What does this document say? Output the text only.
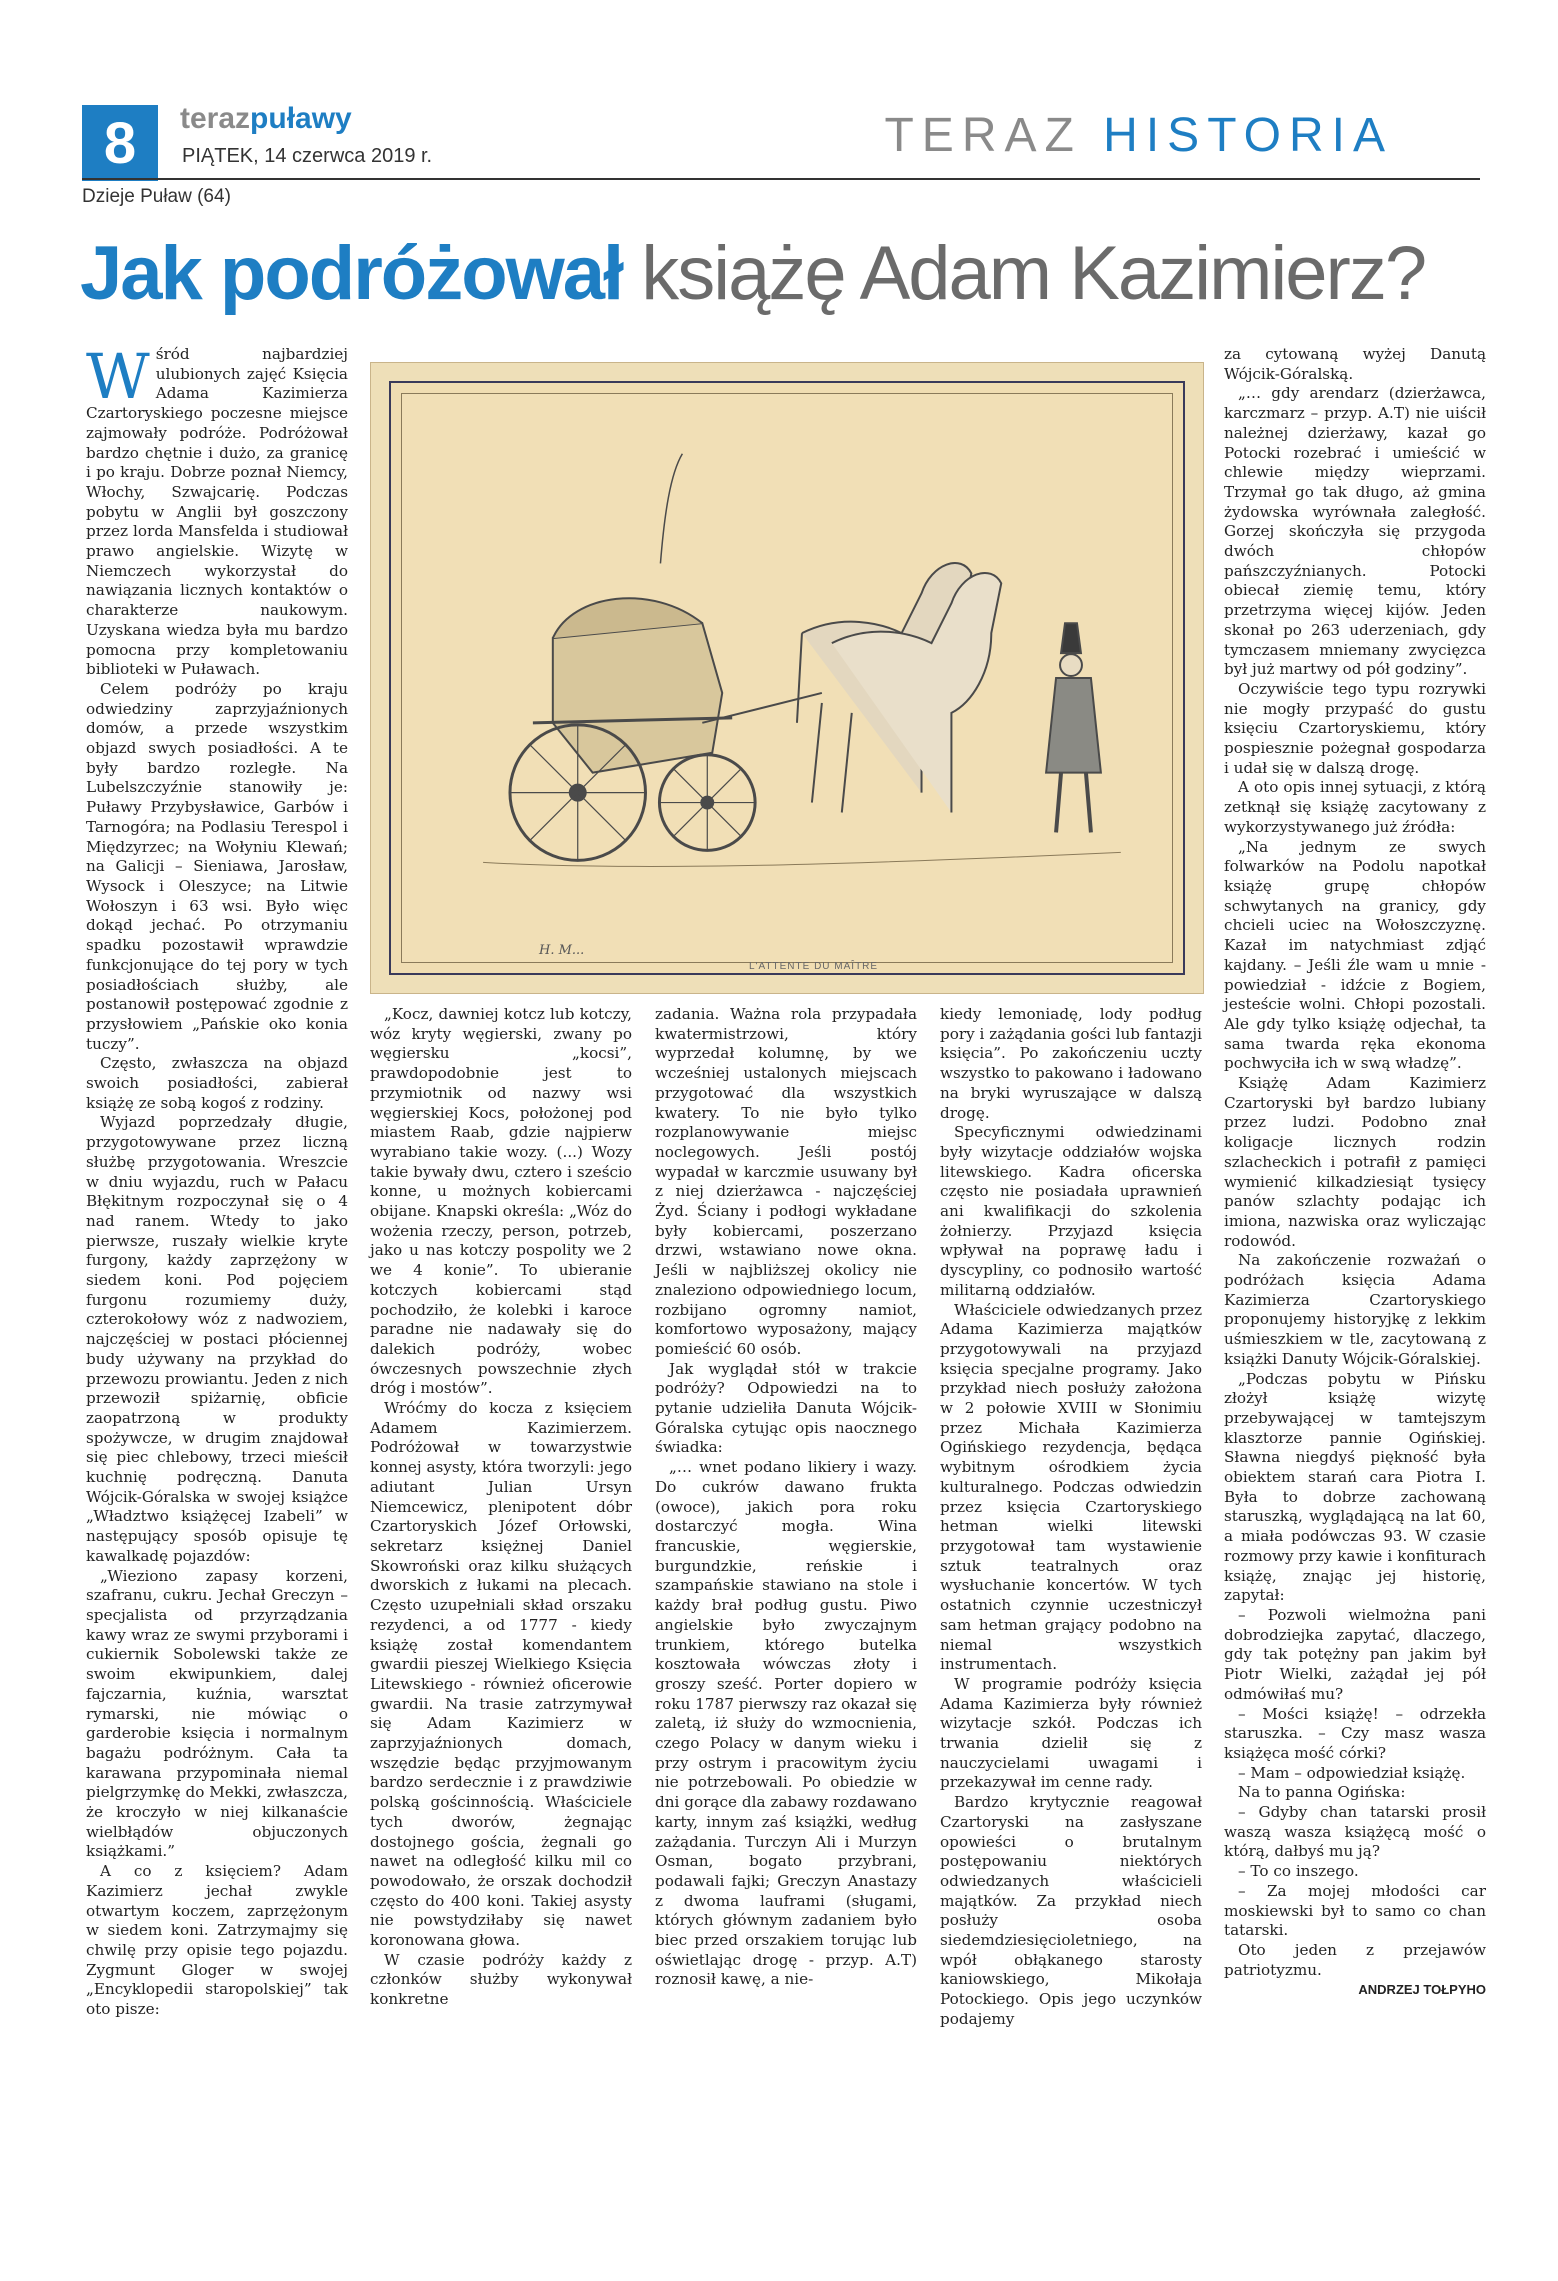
8	terazpuławy
PIĄTEK, 14 czerwca 2019 r.	TERAZ HISTORIA
Dzieje Puław (64)
Jak podróżował książę Adam Kazimierz?
H. M...
L'ATTENTE DU MAÎTRE

Wśród najbardziej ulubionych zajęć Księcia Adama Kazimierza Czartoryskiego poczesne miejsce zajmowały podróże. Podróżował bardzo chętnie i dużo, za granicę i po kraju. Dobrze poznał Niemcy, Włochy, Szwajcarię. Podczas pobytu w Anglii był goszczony przez lorda Mansfelda i studiował prawo angielskie. Wizytę w Niemczech wykorzystał do nawiązania licznych kontaktów o charakterze naukowym. Uzyskana wiedza była mu bardzo pomocna przy kompletowaniu biblioteki w Puławach.

Celem podróży po kraju odwiedziny zaprzyjaźnionych domów, a przede wszystkim objazd swych posiadłości. A te były bardzo rozległe. Na Lubelszczyźnie stanowiły je: Puławy Przybysławice, Garbów i Tarnogóra; na Podlasiu Terespol i Międzyrzec; na Wołyniu Klewań; na Galicji – Sieniawa, Jarosław, Wysock i Oleszyce; na Litwie Wołoszyn i 63 wsi. Było więc dokąd jechać. Po otrzymaniu spadku pozostawił wprawdzie funkcjonujące do tej pory w tych posiadłościach służby, ale postanowił postępować zgodnie z przysłowiem „Pańskie oko konia tuczy”.

Często, zwłaszcza na objazd swoich posiadłości, zabierał książę ze sobą kogoś z rodziny.

Wyjazd poprzedzały długie, przygotowywane przez liczną służbę przygotowania. Wreszcie w dniu wyjazdu, ruch w Pałacu Błękitnym rozpoczynał się o 4 nad ranem. Wtedy to jako pierwsze, ruszały wielkie kryte furgony, każdy zaprzężony w siedem koni. Pod pojęciem furgonu rozumiemy duży, czterokołowy wóz z nadwoziem, najczęściej w postaci płóciennej budy używany na przykład do przewozu prowiantu. Jeden z nich przewoził spiżarnię, obficie zaopatrzoną w produkty spożywcze, w drugim znajdował się piec chlebowy, trzeci mieścił kuchnię podręczną. Danuta Wójcik-Góralska w swojej książce „Władztwo książęcej Izabeli” w następujący sposób opisuje tę kawalkadę pojazdów:

„Wieziono zapasy korzeni, szafranu, cukru. Jechał Greczyn – specjalista od przyrządzania kawy wraz ze swymi przyborami i cukiernik Sobolewski także ze swoim ekwipunkiem, dalej fajczarnia, kuźnia, warsztat rymarski, nie mówiąc o garderobie księcia i normalnym bagażu podróżnym. Cała ta karawana przypominała niemal pielgrzymkę do Mekki, zwłaszcza, że kroczyło w niej kilkanaście wielbłądów objuczonych książkami.”

A co z księciem? Adam Kazimierz jechał zwykle otwartym koczem, zaprzężonym w siedem koni. Zatrzymajmy się chwilę przy opisie tego pojazdu. Zygmunt Gloger w swojej „Encyklopedii staropolskiej” tak oto pisze:

„Kocz, dawniej kotcz lub kotczy, wóz kryty węgierski, zwany po węgiersku „kocsi”, prawdopodobnie jest to przymiotnik od nazwy wsi węgierskiej Kocs, położonej pod miastem Raab, gdzie najpierw wyrabiano takie wozy. (...) Wozy takie bywały dwu, cztero i sześcio konne, u możnych kobiercami obijane. Knapski określa: „Wóz do wożenia rzeczy, person, potrzeb, jako u nas kotczy pospolity we 2 we 4 konie”. To ubieranie kotczych kobiercami stąd pochodziło, że kolebki i karoce paradne nie nadawały się do dalekich podróży, wobec ówczesnych powszechnie złych dróg i mostów”.

Wróćmy do kocza z księciem Adamem Kazimierzem. Podróżował w towarzystwie konnej asysty, która tworzyli: jego adiutant Julian Ursyn Niemcewicz, plenipotent dóbr Czartoryskich Józef Orłowski, sekretarz księżnej Daniel Skowroński oraz kilku służących dworskich z łukami na plecach. Często uzupełniali skład orszaku rezydenci, a od 1777 - kiedy książę został komendantem gwardii pieszej Wielkiego Księcia Litewskiego - również oficerowie gwardii. Na trasie zatrzymywał się Adam Kazimierz w zaprzyjaźnionych domach, wszędzie będąc przyjmowanym bardzo serdecznie i z prawdziwie polską gościnnością. Właściciele tych dworów, żegnając dostojnego gościa, żegnali go nawet na odległość kilku mil co powodowało, że orszak dochodził często do 400 koni. Takiej asysty nie powstydziłaby się nawet koronowana głowa.

W czasie podróży każdy z członków służby wykonywał konkretne

zadania. Ważna rola przypadała kwatermistrzowi, który wyprzedał kolumnę, by we wcześniej ustalonych miejscach przygotować dla wszystkich kwatery. To nie było tylko rozplanowywanie miejsc noclegowych. Jeśli postój wypadał w karczmie usuwany był z niej dzierżawca - najczęściej Żyd. Ściany i podłogi wykładane były kobiercami, poszerzano drzwi, wstawiano nowe okna. Jeśli w najbliższej okolicy nie znaleziono odpowiedniego locum, rozbijano ogromny namiot, komfortowo wyposażony, mający pomieścić 60 osób.

Jak wyglądał stół w trakcie podróży? Odpowiedzi na to pytanie udzieliła Danuta Wójcik-Góralska cytując opis naocznego świadka:

„… wnet podano likiery i wazy. Do cukrów dawano frukta (owoce), jakich pora roku dostarczyć mogła. Wina francuskie, węgierskie, burgundzkie, reńskie i szampańskie stawiano na stole i każdy brał podług gustu. Piwo angielskie było zwyczajnym trunkiem, którego butelka kosztowała wówczas złoty i groszy sześć. Porter dopiero w roku 1787 pierwszy raz okazał się zaletą, iż służy do wzmocnienia, czego Polacy w danym wieku i przy ostrym i pracowitym życiu nie potrzebowali. Po obiedzie w dni gorące dla zabawy rozdawano karty, innym zaś książki, według zażądania. Turczyn Ali i Murzyn Osman, bogato przybrani, podawali fajki; Greczyn Anastazy z dwoma lauframi (sługami, których głównym zadaniem było biec przed orszakiem torując lub oświetlając drogę - przyp. A.T) roznosił kawę, a nie-

kiedy lemoniadę, lody podług pory i zażądania gości lub fantazji księcia”. Po zakończeniu uczty wszystko to pakowano i ładowano na bryki wyruszające w dalszą drogę.

Specyficznymi odwiedzinami były wizytacje oddziałów wojska litewskiego. Kadra oficerska często nie posiadała uprawnień ani kwalifikacji do szkolenia żołnierzy. Przyjazd księcia wpływał na poprawę ładu i dyscypliny, co podnosiło wartość militarną oddziałów.

Właściciele odwiedzanych przez Adama Kazimierza majątków przygotowywali na przyjazd księcia specjalne programy. Jako przykład niech posłuży założona w 2 połowie XVIII w Słonimiu przez Michała Kazimierza Ogińskiego rezydencja, będąca wybitnym ośrodkiem życia kulturalnego. Podczas odwiedzin przez księcia Czartoryskiego hetman wielki litewski przygotował tam wystawienie sztuk teatralnych oraz wysłuchanie koncertów. W tych ostatnich czynnie uczestniczył sam hetman grający podobno na niemal wszystkich instrumentach.

W programie podróży księcia Adama Kazimierza były również wizytacje szkół. Podczas ich trwania dzielił się z nauczycielami uwagami i przekazywał im cenne rady.

Bardzo krytycznie reagował Czartoryski na zasłyszane opowieści o brutalnym postępowaniu niektórych odwiedzanych właścicieli majątków. Za przykład niech posłuży osoba siedemdziesięcioletniego, na wpół obłąkanego starosty kaniowskiego, Mikołaja Potockiego. Opis jego uczynków podajemy

za cytowaną wyżej Danutą Wójcik-Góralską.

„… gdy arendarz (dzierżawca, karczmarz – przyp. A.T) nie uiścił należnej dzierżawy, kazał go Potocki rozebrać i umieścić w chlewie między wieprzami. Trzymał go tak długo, aż gmina żydowska wyrównała zaległość. Gorzej skończyła się przygoda dwóch chłopów pańszczyźnianych. Potocki obiecał ziemię temu, który przetrzyma więcej kijów. Jeden skonał po 263 uderzeniach, gdy tymczasem mniemany zwycięzca był już martwy od pół godziny”.

Oczywiście tego typu rozrywki nie mogły przypaść do gustu księciu Czartoryskiemu, który pospiesznie pożegnał gospodarza i udał się w dalszą drogę.

A oto opis innej sytuacji, z którą zetknął się książę zacytowany z wykorzystywanego już źródła:

„Na jednym ze swych folwarków na Podolu napotkał książę grupę chłopów schwytanych na granicy, gdy chcieli uciec na Wołoszczyznę. Kazał im natychmiast zdjąć kajdany. – Jeśli źle wam u mnie - powiedział - idźcie z Bogiem, jesteście wolni. Chłopi pozostali. Ale gdy tylko książę odjechał, ta sama twarda ręka ekonoma pochwyciła ich w swą władzę”.

Książę Adam Kazimierz Czartoryski był bardzo lubiany przez ludzi. Podobno znał koligacje licznych rodzin szlacheckich i potrafił z pamięci wymienić kilkadziesiąt tysięcy panów szlachty podając ich imiona, nazwiska oraz wyliczając rodowód.

Na zakończenie rozważań o podróżach księcia Adama Kazimierza Czartoryskiego proponujemy historyjkę z lekkim uśmieszkiem w tle, zacytowaną z książki Danuty Wójcik-Góralskiej.

„Podczas pobytu w Pińsku złożył książę wizytę przebywającej w tamtejszym klasztorze pannie Ogińskiej. Sławna niegdyś piękność była obiektem starań cara Piotra I. Była to dobrze zachowaną staruszką, wyglądającą na lat 60, a miała podówczas 93. W czasie rozmowy przy kawie i konfiturach książę, znając jej historię, zapytał:

– Pozwoli wielmożna pani dobrodziejka zapytać, dlaczego, gdy tak potężny pan jakim był Piotr Wielki, zażądał jej pół odmówiłaś mu?

– Mości książę! – odrzekła staruszka. – Czy masz wasza książęca mość córki?

– Mam – odpowiedział książę.

Na to panna Ogińska:

– Gdyby chan tatarski prosił waszą wasza książęcą mość o którą, dałbyś mu ją?

– To co inszego.

– Za mojej młodości car moskiewski był to samo co chan tatarski.

Oto jeden z przejawów patriotyzmu.

ANDRZEJ TOŁPYHO
